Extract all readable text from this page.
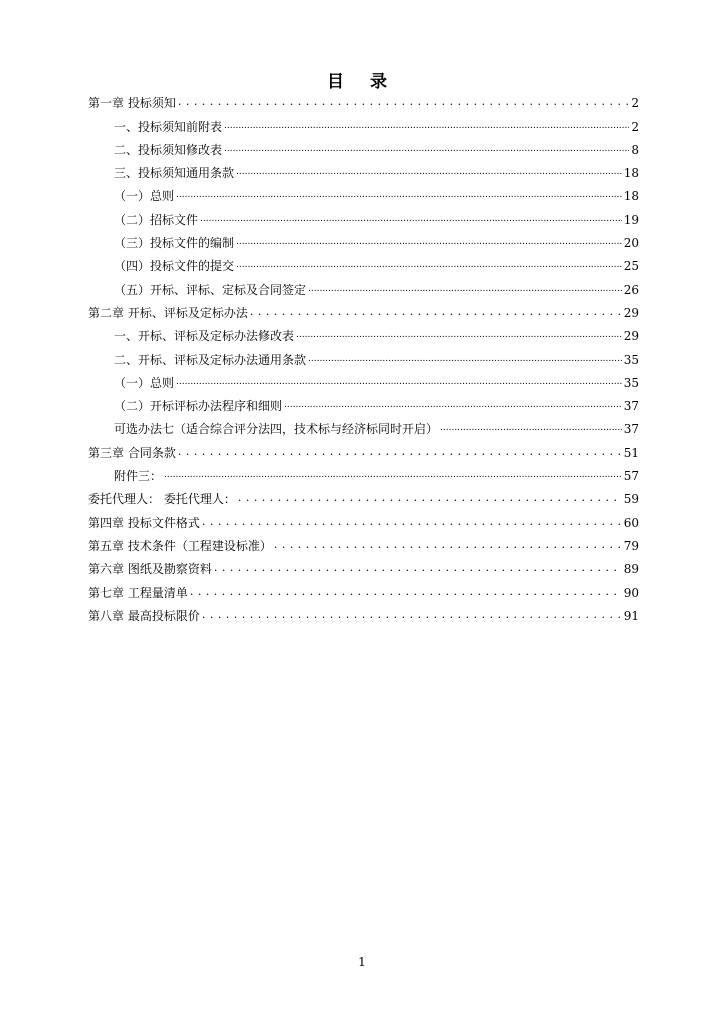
目 录
第一章 投标须知 . . .	2
一、投标须知前附表 .....	2
二、投标须知修改表 .....	8
三、投标须知通用条款 .....	18
（一）总则 .....	18
（二）招标文件 .....	19
（三）投标文件的编制 .....	20
（四）投标文件的提交 .....	25
（五）开标、评标、定标及合同签定 .....	26
第二章 开标、评标及定标办法 . . .	29
一、开标、评标及定标办法修改表 .....	29
二、开标、评标及定标办法通用条款 .....	35
（一）总则 .....	35
（二）开标评标办法程序和细则 .....	37
可选办法七（适合综合评分法四，技术标与经济标同时开启） .....	37
第三章 合同条款 . . .	51
附件三： .....	57
委托代理人： 委托代理人： . . .	59
第四章 投标文件格式 . . .	60
第五章 技术条件（工程建设标准） . . .	79
第六章 图纸及勘察资料 . . .	89
第七章 工程量清单 . . .	90
第八章 最高投标限价 . . .	91
1
